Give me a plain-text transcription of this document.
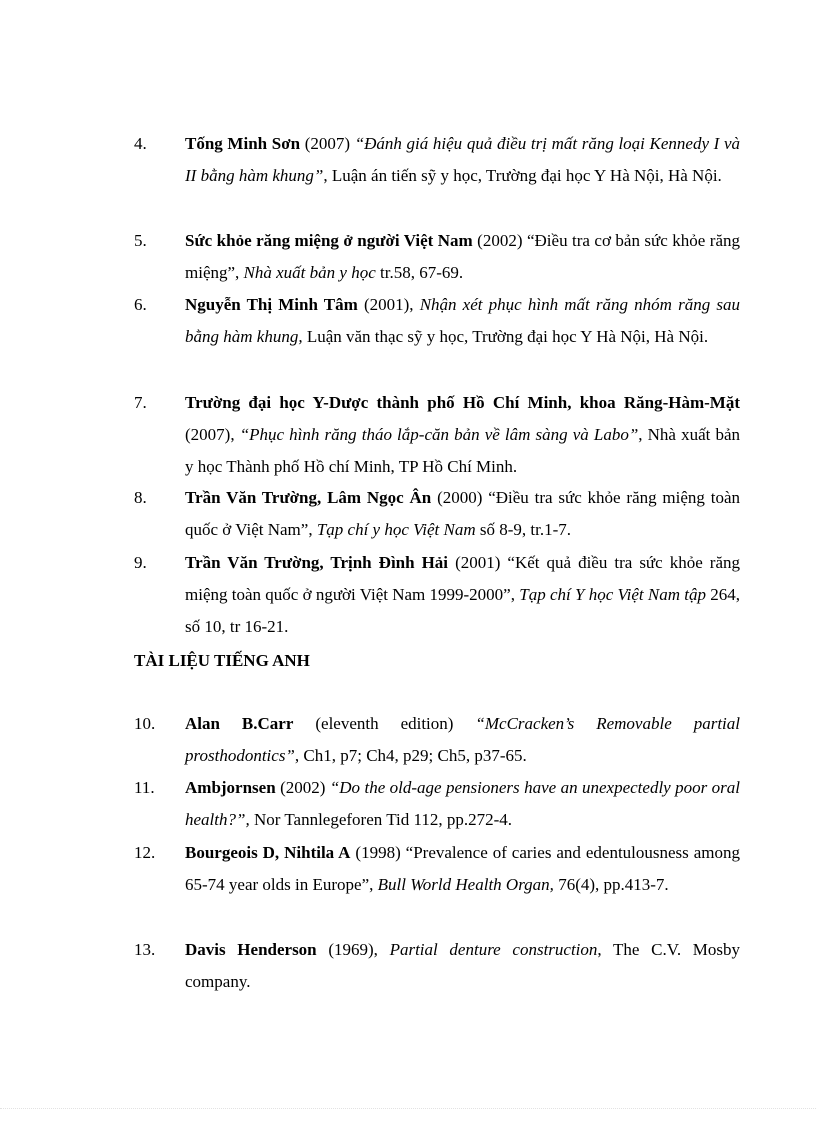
4.	Tống Minh Sơn (2007) “Đánh giá hiệu quả điều trị mất răng loại Kennedy I và II bằng hàm khung”, Luận án tiến sỹ y học, Trường đại học Y Hà Nội, Hà Nội.
5.	Sức khỏe răng miệng ở người Việt Nam (2002) “Điều tra cơ bản sức khỏe răng miệng”, Nhà xuất bản y học tr.58, 67-69.
6.	Nguyễn Thị Minh Tâm (2001), Nhận xét phục hình mất răng nhóm răng sau bằng hàm khung, Luận văn thạc sỹ y học, Trường đại học Y Hà Nội, Hà Nội.
7.	Trường đại học Y-Dược thành phố Hồ Chí Minh, khoa Răng-Hàm-Mặt (2007), “Phục hình răng tháo lắp-căn bản về lâm sàng và Labo”, Nhà xuất bản y học Thành phố Hồ chí Minh, TP Hồ Chí Minh.
8.	Trần Văn Trường, Lâm Ngọc Ân (2000) “Điều tra sức khỏe răng miệng toàn quốc ở Việt Nam”, Tạp chí y học Việt Nam số 8-9, tr.1-7.
9.	Trần Văn Trường, Trịnh Đình Hải (2001) “Kết quả điều tra sức khỏe răng miệng toàn quốc ở người Việt Nam 1999-2000”, Tạp chí Y học Việt Nam tập 264, số 10, tr 16-21.
TÀI LIỆU TIẾNG ANH
10.	Alan B.Carr (eleventh edition) “McCracken’s Removable partial prosthodontics”, Ch1, p7; Ch4, p29; Ch5, p37-65.
11.	Ambjornsen (2002) “Do the old-age pensioners have an unexpectedly poor oral health?”, Nor Tannlegeforen Tid 112, pp.272-4.
12.	Bourgeois D, Nihtila A (1998) “Prevalence of caries and edentulousness among 65-74 year olds in Europe”, Bull World Health Organ, 76(4), pp.413-7.
13.	Davis Henderson (1969), Partial denture construction, The C.V. Mosby company.
